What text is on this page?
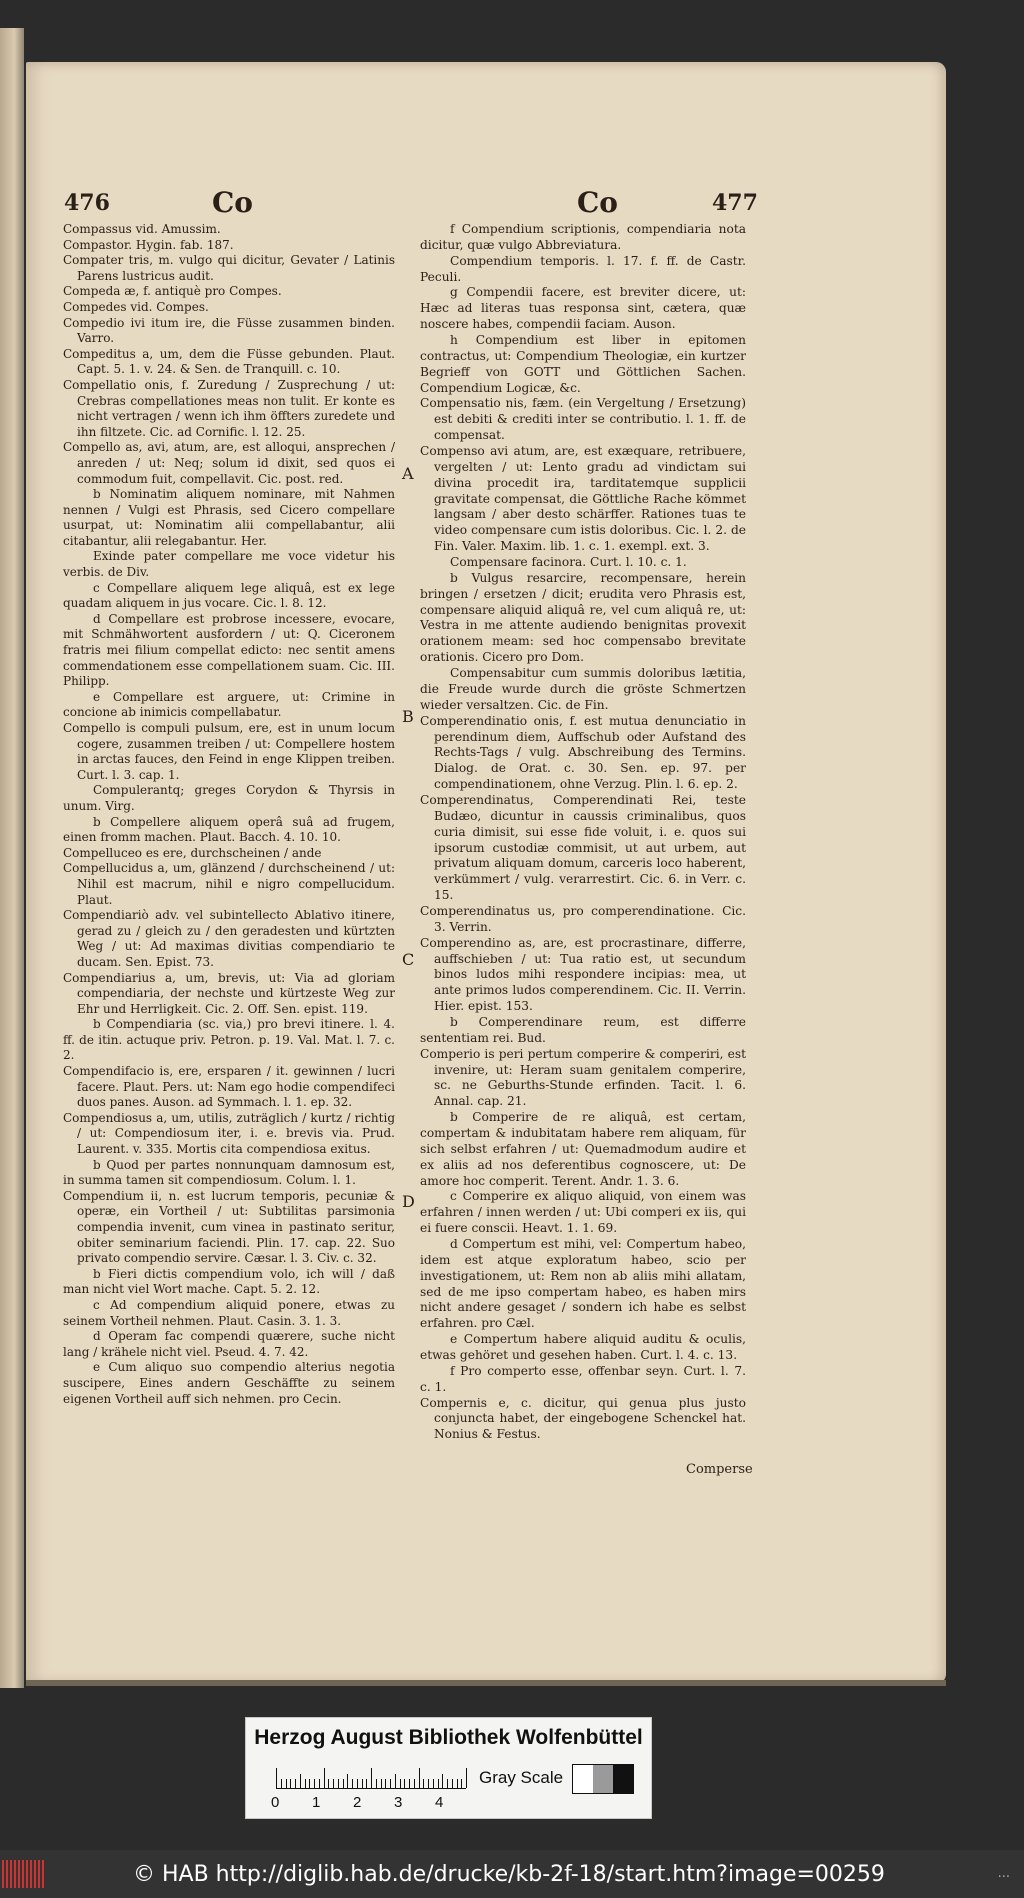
476	Co	Co	477

Compassus vid. Amussim.

Compastor. Hygin. fab. 187.

Compater tris, m. vulgo qui dicitur, Gevater / Latinis Parens lustricus audit.

Compeda æ, f. antiquè pro Compes.

Compedes vid. Compes.

Compedio ivi itum ire, die Füsse zusammen binden. Varro.

Compeditus a, um, dem die Füsse gebunden. Plaut. Capt. 5. 1. v. 24. & Sen. de Tranquill. c. 10.

Compellatio onis, f. Zuredung / Zusprechung / ut: Crebras compellationes meas non tulit. Er konte es nicht vertragen / wenn ich ihm öffters zuredete und ihn filtzete. Cic. ad Cornific. l. 12. 25.

Compello as, avi, atum, are, est alloqui, ansprechen / anreden / ut: Neq; solum id dixit, sed quos ei commodum fuit, compellavit. Cic. post. red.

b Nominatim aliquem nominare, mit Nahmen nennen / Vulgi est Phrasis, sed Cicero compellare usurpat, ut: Nominatim alii compellabantur, alii citabantur, alii relegabantur. Her.

Exinde pater compellare me voce videtur his verbis. de Div.

c Compellare aliquem lege aliquâ, est ex lege quadam aliquem in jus vocare. Cic. l. 8. 12.

d Compellare est probrose incessere, evocare, mit Schmähwortent ausfordern / ut: Q. Ciceronem fratris mei filium compellat edicto: nec sentit amens commendationem esse compellationem suam. Cic. III. Philipp.

e Compellare est arguere, ut: Crimine in concione ab inimicis compellabatur.

Compello is compuli pulsum, ere, est in unum locum cogere, zusammen treiben / ut: Compellere hostem in arctas fauces, den Feind in enge Klippen treiben. Curt. l. 3. cap. 1.

Compulerantq; greges Corydon & Thyrsis in unum. Virg.

b Compellere aliquem operâ suâ ad frugem, einen fromm machen. Plaut. Bacch. 4. 10. 10.

Compelluceo es ere, durchscheinen / ande

Compellucidus a, um, glänzend / durchscheinend / ut: Nihil est macrum, nihil e nigro compellucidum. Plaut.

Compendiariò adv. vel subintellecto Ablativo itinere, gerad zu / gleich zu / den geradesten und kürtzten Weg / ut: Ad maximas divitias compendiario te ducam. Sen. Epist. 73.

Compendiarius a, um, brevis, ut: Via ad gloriam compendiaria, der nechste und kürtzeste Weg zur Ehr und Herrligkeit. Cic. 2. Off. Sen. epist. 119.

b Compendiaria (sc. via,) pro brevi itinere. l. 4. ff. de itin. actuque priv. Petron. p. 19. Val. Mat. l. 7. c. 2.

Compendifacio is, ere, ersparen / it. gewinnen / lucri facere. Plaut. Pers. ut: Nam ego hodie compendifeci duos panes. Auson. ad Symmach. l. 1. ep. 32.

Compendiosus a, um, utilis, zuträglich / kurtz / richtig / ut: Compendiosum iter, i. e. brevis via. Prud. Laurent. v. 335. Mortis cita compendiosa exitus.

b Quod per partes nonnunquam damnosum est, in summa tamen sit compendiosum. Colum. l. 1.

Compendium ii, n. est lucrum temporis, pecuniæ & operæ, ein Vortheil / ut: Subtilitas parsimonia compendia invenit, cum vinea in pastinato seritur, obiter seminarium faciendi. Plin. 17. cap. 22. Suo privato compendio servire. Cæsar. l. 3. Civ. c. 32.

b Fieri dictis compendium volo, ich will / daß man nicht viel Wort mache. Capt. 5. 2. 12.

c Ad compendium aliquid ponere, etwas zu seinem Vortheil nehmen. Plaut. Casin. 3. 1. 3.

d Operam fac compendi quærere, suche nicht lang / krähele nicht viel. Pseud. 4. 7. 42.

e Cum aliquo suo compendio alterius negotia suscipere, Eines andern Geschäffte zu seinem eigenen Vortheil auff sich nehmen. pro Cecin.

f Compendium scriptionis, compendiaria nota dicitur, quæ vulgo Abbreviatura.

Compendium temporis. l. 17. f. ff. de Castr. Peculi.

g Compendii facere, est breviter dicere, ut: Hæc ad literas tuas responsa sint, cætera, quæ noscere habes, compendii faciam. Auson.

h Compendium est liber in epitomen contractus, ut: Compendium Theologiæ, ein kurtzer Begrieff von GOTT und Göttlichen Sachen. Compendium Logicæ, &c.

Compensatio nis, fæm. (ein Vergeltung / Ersetzung) est debiti & crediti inter se contributio. l. 1. ff. de compensat.

Compenso avi atum, are, est exæquare, retribuere, vergelten / ut: Lento gradu ad vindictam sui divina procedit ira, tarditatemque supplicii gravitate compensat, die Göttliche Rache kömmet langsam / aber desto schärffer. Rationes tuas te video compensare cum istis doloribus. Cic. l. 2. de Fin. Valer. Maxim. lib. 1. c. 1. exempl. ext. 3.

Compensare facinora. Curt. l. 10. c. 1.

b Vulgus resarcire, recompensare, herein bringen / ersetzen / dicit; erudita vero Phrasis est, compensare aliquid aliquâ re, vel cum aliquâ re, ut: Vestra in me attente audiendo benignitas provexit orationem meam: sed hoc compensabo brevitate orationis. Cicero pro Dom.

Compensabitur cum summis doloribus lætitia, die Freude wurde durch die gröste Schmertzen wieder versaltzen. Cic. de Fin.

Comperendinatio onis, f. est mutua denunciatio in perendinum diem, Auffschub oder Aufstand des Rechts-Tags / vulg. Abschreibung des Termins. Dialog. de Orat. c. 30. Sen. ep. 97. per compendinationem, ohne Verzug. Plin. l. 6. ep. 2.

Comperendinatus, Comperendinati Rei, teste Budæo, dicuntur in caussis criminalibus, quos curia dimisit, sui esse fide voluit, i. e. quos sui ipsorum custodiæ commisit, ut aut urbem, aut privatum aliquam domum, carceris loco haberent, verkümmert / vulg. verarrestirt. Cic. 6. in Verr. c. 15.

Comperendinatus us, pro comperendinatione. Cic. 3. Verrin.

Comperendino as, are, est procrastinare, differre, auffschieben / ut: Tua ratio est, ut secundum binos ludos mihi respondere incipias: mea, ut ante primos ludos comperendinem. Cic. II. Verrin. Hier. epist. 153.

b Comperendinare reum, est differre sententiam rei. Bud.

Comperio is peri pertum comperire & comperiri, est invenire, ut: Heram suam genitalem comperire, sc. ne Geburths-Stunde erfinden. Tacit. l. 6. Annal. cap. 21.

b Comperire de re aliquâ, est certam, compertam & indubitatam habere rem aliquam, für sich selbst erfahren / ut: Quemadmodum audire et ex aliis ad nos deferentibus cognoscere, ut: De amore hoc comperit. Terent. Andr. 1. 3. 6.

c Comperire ex aliquo aliquid, von einem was erfahren / innen werden / ut: Ubi comperi ex iis, qui ei fuere conscii. Heavt. 1. 1. 69.

d Compertum est mihi, vel: Compertum habeo, idem est atque exploratum habeo, scio per investigationem, ut: Rem non ab aliis mihi allatam, sed de me ipso compertam habeo, es haben mirs nicht andere gesaget / sondern ich habe es selbst erfahren. pro Cæl.

e Compertum habere aliquid auditu & oculis, etwas gehöret und gesehen haben. Curt. l. 4. c. 13.

f Pro comperto esse, offenbar seyn. Curt. l. 7. c. 1.

Compernis e, c. dicitur, qui genua plus justo conjuncta habet, der eingebogene Schenckel hat. Nonius & Festus.

A
B
C
D
Comperse
Herzog August Bibliothek Wolfenbüttel
0 1 2 3 4
Gray Scale
© HAB http://diglib.hab.de/drucke/kb-2f-18/start.htm?image=00259	...
